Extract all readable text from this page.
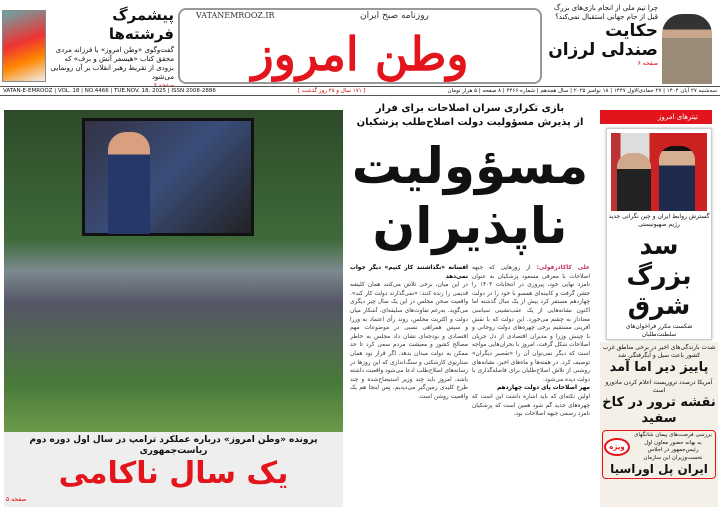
پیشمرگ فرشته‌ها
گفت‌وگوی «وطن امروز» با فرزانه مردی محقق کتاب «هیسفر آتش و برف» که بزودی از تقریظ رهبر انقلاب بر آن رونمایی می‌شود
صفحه ۶
VATANEMROOZ.IR	روزنامه صبح ایران
وطن امروز
چرا تیم ملی از انجام بازی‌های بزرگ قبل از جام جهانی استقبال نمی‌کند؟
حکایت صندلی لرزان
صفحه ۶
VATAN-E-EMROOZ | VOL. 18 | NO.4466 | TUE.NOV. 18, 2025 | ISSN 2008-2886	[ ۱۷۱ سال و ۲۸ روز گذشت ]	سه‌شنبه ۲۷ آبان ۱۴۰۴ | ۲۷ جمادی‌الاول ۱۴۴۷ | ۱۸ نوامبر ۲۰۲۵ | سال هجدهم | شماره ۴۴۶۶ | ۸ صفحه | ۵ هزار تومان
پرونده «وطن امروز» درباره عملکرد ترامپ در سال اول دوره دوم ریاست‌جمهوری
یک سال ناکامی
صفحه ۵
بازی تکراری سران اصلاحات برای فرار
از پذیرش مسؤولیت دولت اصلاح‌طلب پزشکیان
مسؤولیت
ناپذیران
علی کاکادزفولی: از روزهایی که جبهه اصلاحات با معرفی مسعود پزشکیان به عنوان نامزد نهایی خود، پیروزی در انتخابات ۱۴۰۳ را جشن گرفت و کابینه‌ای همسو با خود را در دولت چهاردهم مستقر کرد بیش از یک سال گذشته اما اکنون نشانه‌هایی از یک عقب‌نشینی سیاسی معنادار به چشم می‌خورد. این دولت که با نقش آفرینی مستقیم برخی چهره‌های دولت روحانی و با چینش وزرا و مدیران اقتصادی از دل جریان اصلاحات شکل گرفت، امروز با بحران‌هایی مواجه است که دیگر نمی‌توان آن را «تقصیر دیگران» توصیف کرد. در هفته‌ها و ماه‌های اخیر، نشانه‌های روشنی از تلاش اصلاح‌طلبان برای فاصله‌گذاری با دولت دیده می‌شود.
مهر اصلاحات پای دولت چهاردهم
اولین نکته‌ای که باید اشاره داشت این است که چهره‌های جدید گم شود همین است که پزشکیان نامزد رسمی جبهه اصلاحات بود.
افسانه «نگذاشتند کار کنیم» دیگر جواب نمی‌دهد
در این میان، برخی تلاش می‌کنند همان کلیشه قدیمی را زنده کنند: «نمی‌گذارند دولت کار کند». واقعیت صحن مجلس در این یک سال چیز دیگری می‌گوید. به‌رغم تفاوت‌های سلیقه‌ای، آشکار میان دولت و اکثریت مجلس، روند رأی اعتماد به وزرا و سپس همراهی نسبی در موضوعات مهم اقتصادی و بودجه‌ای نشان داد مجلس به خاطر مصالح کشور و معیشت مردم سعی کرد تا حد ممکن به دولت میدان بدهد. اگر قرار بود همان سناریوی کارشکنی و سنگ‌اندازی که این روزها در رسانه‌های اصلاح‌طلب ادعا می‌شود واقعیت داشته باشد، امروز باید چند وزیر استیضاح‌شده و چند طرح کلیدی زمین‌گیر می‌دیدیم. پس اینجا هم یک واقعیت روشن است.
تیترهای امروز
گسترش روابط ایران و چین نگرانی جدید رژیم صهیونیستی
سد بزرگ شرق
شکست مکرر فراخوان‌های سلطنت‌طلبان
شدت بارندگی‌های اخیر در برخی مناطق غرب کشور باعث سیل و آبگرفتگی شد
پاییز دیر اما آمد
آمریکا درصدد تروریست اعلام کردن مادورو است
نقشه ترور در کاخ سفید
بررسی فرصت‌های پیمان شانگهای به بهانه حضور معاون اول رئیس‌جمهور در اجلاس نخست‌وزیران این سازمان
ویژه
ایران پل اوراسیا
